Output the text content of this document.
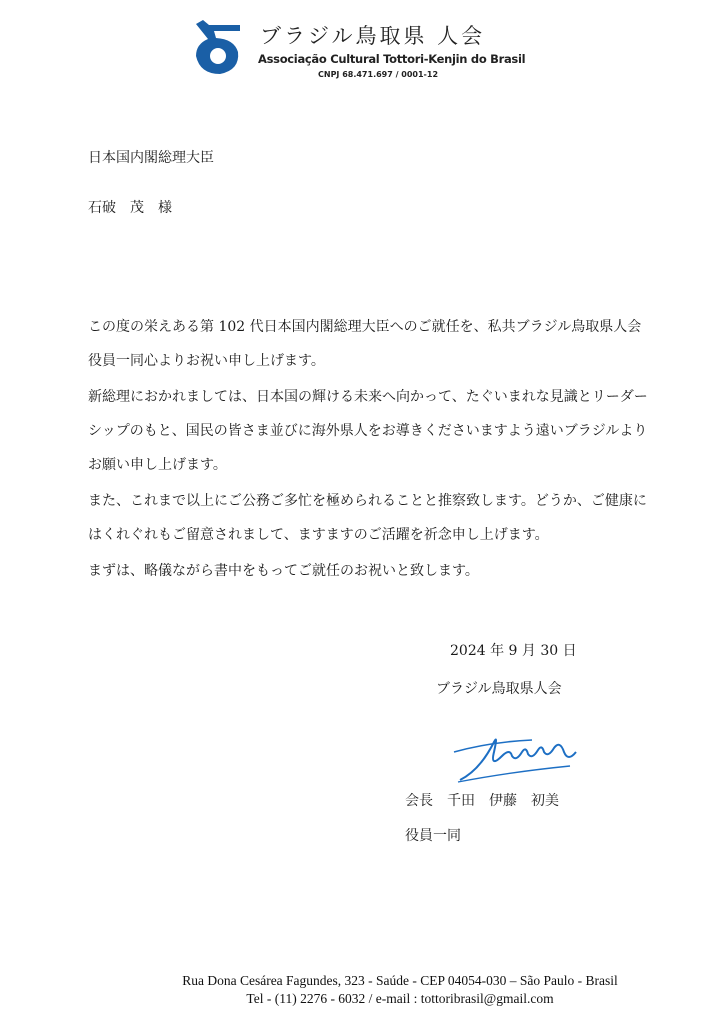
ブラジル鳥取県 人会
Associação Cultural Tottori-Kenjin do Brasil
CNPJ 68.471.697 / 0001-12
日本国内閣総理大臣
石破　茂　様

この度の栄えある第 102 代日本国内閣総理大臣へのご就任を、私共ブラジル鳥取県人会役員一同心よりお祝い申し上げます。

新総理におかれましては、日本国の輝ける未来へ向かって、たぐいまれな見識とリーダーシップのもと、国民の皆さま並びに海外県人をお導きくださいますよう遠いブラジルよりお願い申し上げます。

また、これまで以上にご公務ご多忙を極められることと推察致します。どうか、ご健康にはくれぐれもご留意されまして、ますますのご活躍を祈念申し上げます。

まずは、略儀ながら書中をもってご就任のお祝いと致します。

2024 年 9 月 30 日
ブラジル鳥取県人会
会長　千田　伊藤　初美
役員一同
Rua Dona Cesárea Fagundes, 323 - Saúde - CEP 04054-030 – São Paulo - Brasil
Tel - (11) 2276 - 6032 / e-mail : tottoribrasil@gmail.com
